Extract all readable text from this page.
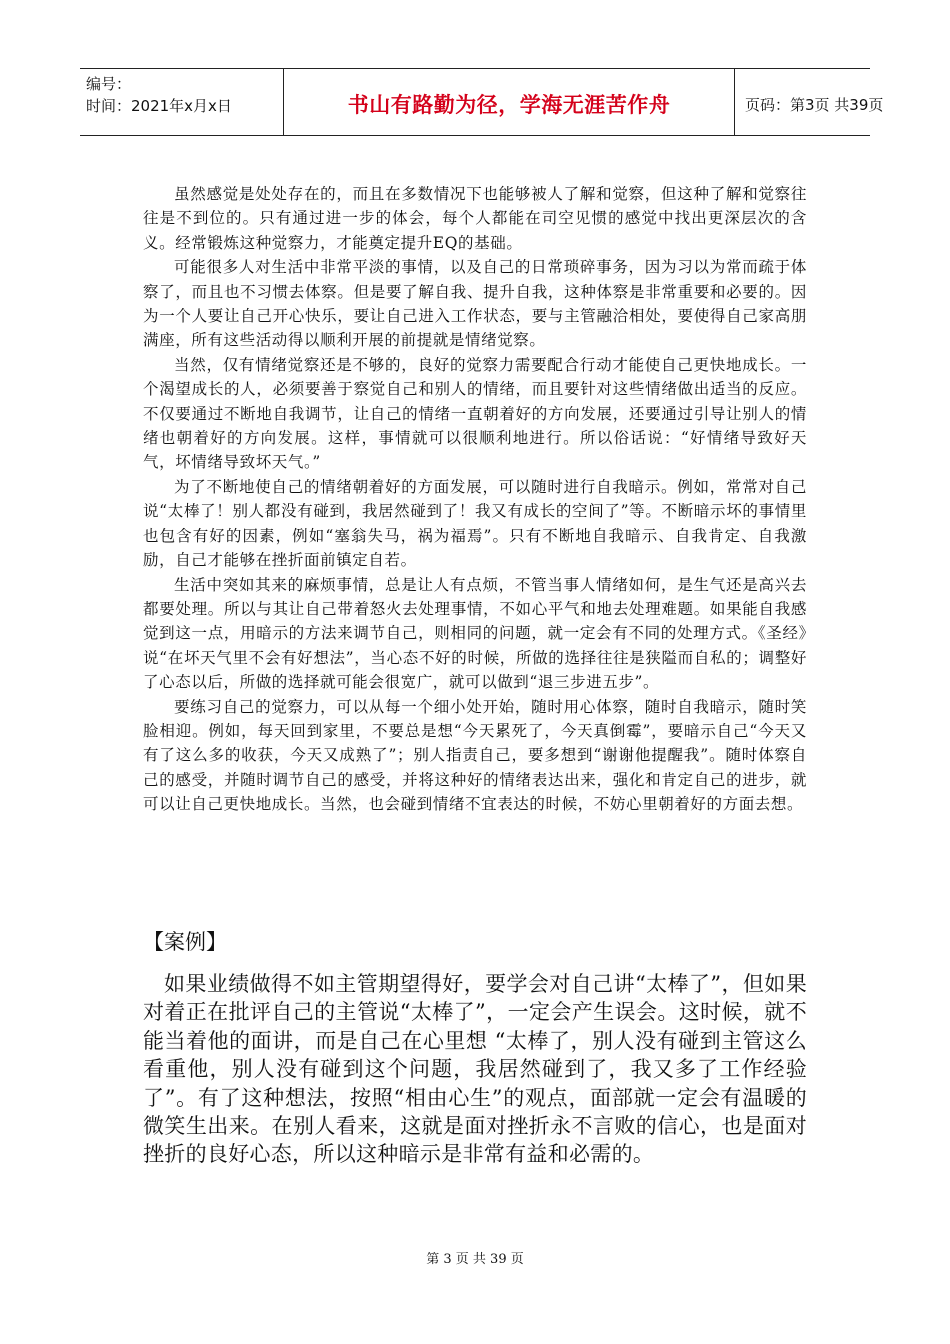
编号：
时间：2021年x月x日	书山有路勤为径，学海无涯苦作舟	页码：第3页 共39页

虽然感觉是处处存在的，而且在多数情况下也能够被人了解和觉察，但这种了解和觉察往往是不到位的。只有通过进一步的体会，每个人都能在司空见惯的感觉中找出更深层次的含义。经常锻炼这种觉察力，才能奠定提升EQ的基础。

可能很多人对生活中非常平淡的事情，以及自己的日常琐碎事务，因为习以为常而疏于体察了，而且也不习惯去体察。但是要了解自我、提升自我，这种体察是非常重要和必要的。因为一个人要让自己开心快乐，要让自己进入工作状态，要与主管融洽相处，要使得自己家高朋满座，所有这些活动得以顺利开展的前提就是情绪觉察。

当然，仅有情绪觉察还是不够的，良好的觉察力需要配合行动才能使自己更快地成长。一个渴望成长的人，必须要善于察觉自己和别人的情绪，而且要针对这些情绪做出适当的反应。不仅要通过不断地自我调节，让自己的情绪一直朝着好的方向发展，还要通过引导让别人的情绪也朝着好的方向发展。这样，事情就可以很顺利地进行。所以俗话说：“好情绪导致好天气，坏情绪导致坏天气。”

为了不断地使自己的情绪朝着好的方面发展，可以随时进行自我暗示。例如，常常对自己说“太棒了！别人都没有碰到，我居然碰到了！我又有成长的空间了”等。不断暗示坏的事情里也包含有好的因素，例如“塞翁失马，祸为福焉”。只有不断地自我暗示、自我肯定、自我激励，自己才能够在挫折面前镇定自若。

生活中突如其来的麻烦事情，总是让人有点烦，不管当事人情绪如何，是生气还是高兴去都要处理。所以与其让自己带着怒火去处理事情，不如心平气和地去处理难题。如果能自我感觉到这一点，用暗示的方法来调节自己，则相同的问题，就一定会有不同的处理方式。《圣经》说“在坏天气里不会有好想法”，当心态不好的时候，所做的选择往往是狭隘而自私的；调整好了心态以后，所做的选择就可能会很宽广，就可以做到“退三步进五步”。

要练习自己的觉察力，可以从每一个细小处开始，随时用心体察，随时自我暗示，随时笑脸相迎。例如，每天回到家里，不要总是想“今天累死了，今天真倒霉”，要暗示自己“今天又有了这么多的收获，今天又成熟了”；别人指责自己，要多想到“谢谢他提醒我”。随时体察自己的感受，并随时调节自己的感受，并将这种好的情绪表达出来，强化和肯定自己的进步，就可以让自己更快地成长。当然，也会碰到情绪不宜表达的时候，不妨心里朝着好的方面去想。

【案例】

如果业绩做得不如主管期望得好，要学会对自己讲“太棒了”，但如果对着正在批评自己的主管说“太棒了”，一定会产生误会。这时候，就不能当着他的面讲，而是自己在心里想 “太棒了，别人没有碰到主管这么看重他，别人没有碰到这个问题，我居然碰到了，我又多了工作经验了”。有了这种想法，按照“相由心生”的观点，面部就一定会有温暖的微笑生出来。在别人看来，这就是面对挫折永不言败的信心，也是面对挫折的良好心态，所以这种暗示是非常有益和必需的。

第 3 页 共 39 页
